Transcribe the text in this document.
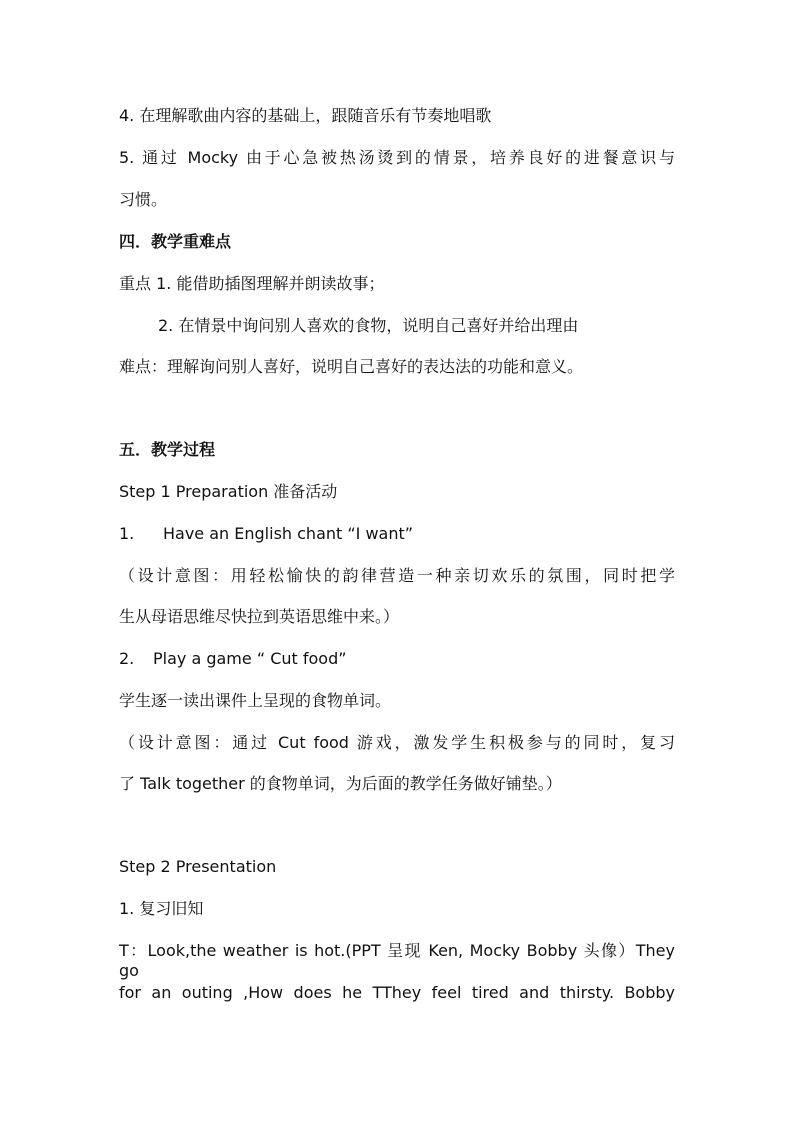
4. 在理解歌曲内容的基础上，跟随音乐有节奏地唱歌
5. 通过 Mocky 由于心急被热汤烫到的情景，培养良好的进餐意识与
习惯。
四．教学重难点
重点 1. 能借助插图理解并朗读故事；
2. 在情景中询问别人喜欢的食物，说明自己喜好并给出理由
难点：理解询问别人喜好，说明自己喜好的表达法的功能和意义。
五．教学过程
Step 1 Preparation 准备活动
1. Have an English chant “I want”
（设计意图：用轻松愉快的韵律营造一种亲切欢乐的氛围，同时把学
生从母语思维尽快拉到英语思维中来。）
2. Play a game “ Cut food”
学生逐一读出课件上呈现的食物单词。
（设计意图：通过 Cut food 游戏，激发学生积极参与的同时，复习
了 Talk together 的食物单词，为后面的教学任务做好铺垫。）
Step 2 Presentation
1. 复习旧知
T：Look,the weather is hot.(PPT 呈现 Ken, Mocky Bobby 头像）They go
for an outing ,How does he TThey feel tired and thirsty. Bobby
